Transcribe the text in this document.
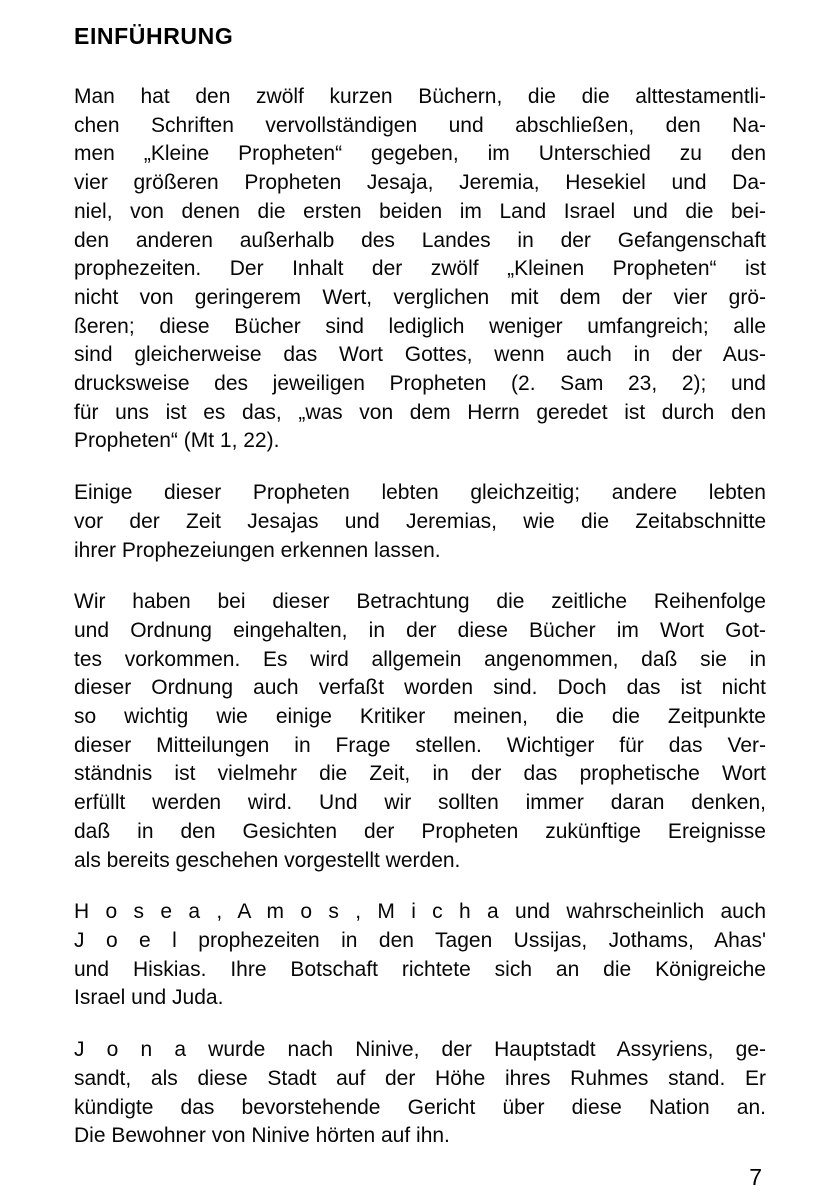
EINFÜHRUNG

Man hat den zwölf kurzen Büchern, die die alttestamentli-
chen Schriften vervollständigen und abschließen, den Na-
men „Kleine Propheten“ gegeben, im Unterschied zu den
vier größeren Propheten Jesaja, Jeremia, Hesekiel und Da-
niel, von denen die ersten beiden im Land Israel und die bei-
den anderen außerhalb des Landes in der Gefangenschaft
prophezeiten. Der Inhalt der zwölf „Kleinen Propheten“ ist
nicht von geringerem Wert, verglichen mit dem der vier grö-
ßeren; diese Bücher sind lediglich weniger umfangreich; alle
sind gleicherweise das Wort Gottes, wenn auch in der Aus-
drucksweise des jeweiligen Propheten (2. Sam 23, 2); und
für uns ist es das, „was von dem Herrn geredet ist durch den
Propheten“ (Mt 1, 22).

Einige dieser Propheten lebten gleichzeitig; andere lebten
vor der Zeit Jesajas und Jeremias, wie die Zeitabschnitte
ihrer Prophezeiungen erkennen lassen.

Wir haben bei dieser Betrachtung die zeitliche Reihenfolge
und Ordnung eingehalten, in der diese Bücher im Wort Got-
tes vorkommen. Es wird allgemein angenommen, daß sie in
dieser Ordnung auch verfaßt worden sind. Doch das ist nicht
so wichtig wie einige Kritiker meinen, die die Zeitpunkte
dieser Mitteilungen in Frage stellen. Wichtiger für das Ver-
ständnis ist vielmehr die Zeit, in der das prophetische Wort
erfüllt werden wird. Und wir sollten immer daran denken,
daß in den Gesichten der Propheten zukünftige Ereignisse
als bereits geschehen vorgestellt werden.

H o s e a , A m o s , M i c h a und wahrscheinlich auch
J o e l prophezeiten in den Tagen Ussijas, Jothams, Ahas'
und Hiskias. Ihre Botschaft richtete sich an die Königreiche
Israel und Juda.

J o n a wurde nach Ninive, der Hauptstadt Assyriens, ge-
sandt, als diese Stadt auf der Höhe ihres Ruhmes stand. Er
kündigte das bevorstehende Gericht über diese Nation an.
Die Bewohner von Ninive hörten auf ihn.

7
